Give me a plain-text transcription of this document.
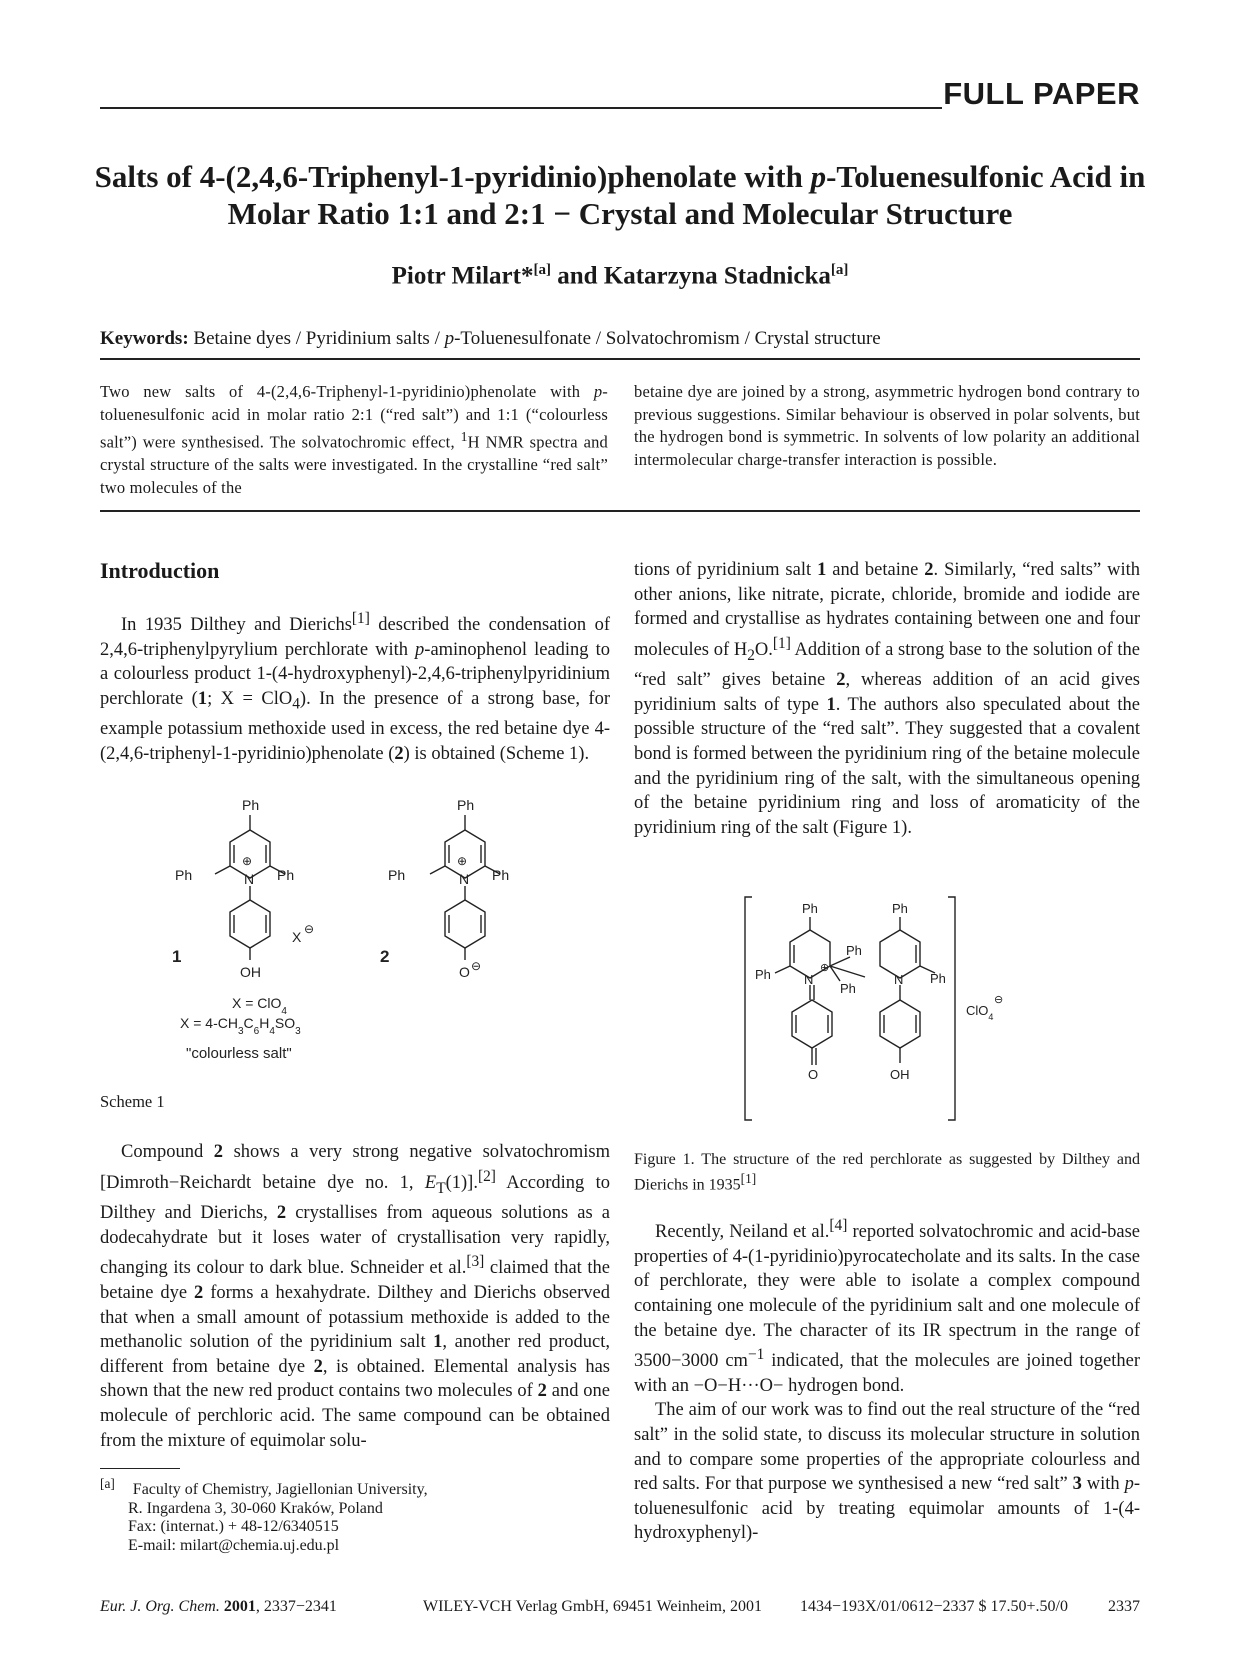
FULL PAPER
Salts of 4-(2,4,6-Triphenyl-1-pyridinio)phenolate with p-Toluenesulfonic Acid in
Molar Ratio 1:1 and 2:1 − Crystal and Molecular Structure
Piotr Milart*[a] and Katarzyna Stadnicka[a]
Keywords: Betaine dyes / Pyridinium salts / p-Toluenesulfonate / Solvatochromism / Crystal structure
Two new salts of 4-(2,4,6-Triphenyl-1-pyridinio)phenolate with p-toluenesulfonic acid in molar ratio 2:1 (“red salt”) and 1:1 (“colourless salt”) were synthesised. The solvatochromic effect, $^1$H NMR spectra and crystal structure of the salts were investigated. In the crystalline “red salt” two molecules of the
betaine dye are joined by a strong, asymmetric hydrogen bond contrary to previous suggestions. Similar behaviour is observed in polar solvents, but the hydrogen bond is symmetric. In solvents of low polarity an additional intermolecular charge-transfer interaction is possible.
Introduction

In 1935 Dilthey and Dierichs[1] described the condensation of 2,4,6-triphenylpyrylium perchlorate with p-aminophenol leading to a colourless product 1-(4-hydroxyphenyl)-2,4,6-triphenylpyridinium perchlorate (1; X = ClO$_4$). In the presence of a strong base, for example potassium methoxide used in excess, the red betaine dye 4-(2,4,6-triphenyl-1-pyridinio)phenolate (2) is obtained (Scheme 1).

Ph
Ph	Ph
N
⊕
OH
X ⊖
1
Ph
Ph	Ph
N
⊕
O ⊖
2
X = ClO$_4$
$X = 4-CH_3C_6H_4SO_3$
"colourless salt"
Scheme 1

Compound 2 shows a very strong negative solvatochromism [Dimroth−Reichardt betaine dye no. 1, $E_T(1)].[2]$ According to Dilthey and Dierichs, 2 crystallises from aqueous solutions as a dodecahydrate but it loses water of crystallisation very rapidly, changing its colour to dark blue. Schneider et al.[3] claimed that the betaine dye 2 forms a hexahydrate. Dilthey and Dierichs observed that when a small amount of potassium methoxide is added to the methanolic solution of the pyridinium salt 1, another red product, different from betaine dye 2, is obtained. Elemental analysis has shown that the new red product contains two molecules of 2 and one molecule of perchloric acid. The same compound can be obtained from the mixture of equimolar solu-

[a] Faculty of Chemistry, Jagiellonian University,
R. Ingardena 3, 30-060 Kraków, Poland
Fax: (internat.) + 48-12/6340515
E-mail: milart@chemia.uj.edu.pl

tions of pyridinium salt 1 and betaine 2. Similarly, “red salts” with other anions, like nitrate, picrate, chloride, bromide and iodide are formed and crystallise as hydrates containing between one and four molecules of $H_2O.[1]$ Addition of a strong base to the solution of the “red salt” gives betaine 2, whereas addition of an acid gives pyridinium salts of type 1. The authors also speculated about the possible structure of the “red salt”. They suggested that a covalent bond is formed between the pyridinium ring of the betaine molecule and the pyridinium ring of the salt, with the simultaneous opening of the betaine pyridinium ring and loss of aromaticity of the pyridinium ring of the salt (Figure 1).

Ph
Ph
Ph
Ph
Ph
Ph
N	N
⊕
O	OH
ClO$_4$
⊖
Figure 1. The structure of the red perchlorate as suggested by Dilthey and Dierichs in 1935[1]

Recently, Neiland et al.[4] reported solvatochromic and acid-base properties of 4-(1-pyridinio)pyrocatecholate and its salts. In the case of perchlorate, they were able to isolate a complex compound containing one molecule of the pyridinium salt and one molecule of the betaine dye. The character of its IR spectrum in the range of 3500−3000 $cm^{-1}$ indicated, that the molecules are joined together with an −O−H···O− hydrogen bond.

The aim of our work was to find out the real structure of the “red salt” in the solid state, to discuss its molecular structure in solution and to compare some properties of the appropriate colourless and red salts. For that purpose we synthesised a new “red salt” 3 with p-toluenesulfonic acid by treating equimolar amounts of 1-(4-hydroxyphenyl)-

Eur. J. Org. Chem. 2001, 2337−2341	WILEY-VCH Verlag GmbH, 69451 Weinheim, 2001 1434−193X/01/0612−2337 $ 17.50+.50/0	2337
